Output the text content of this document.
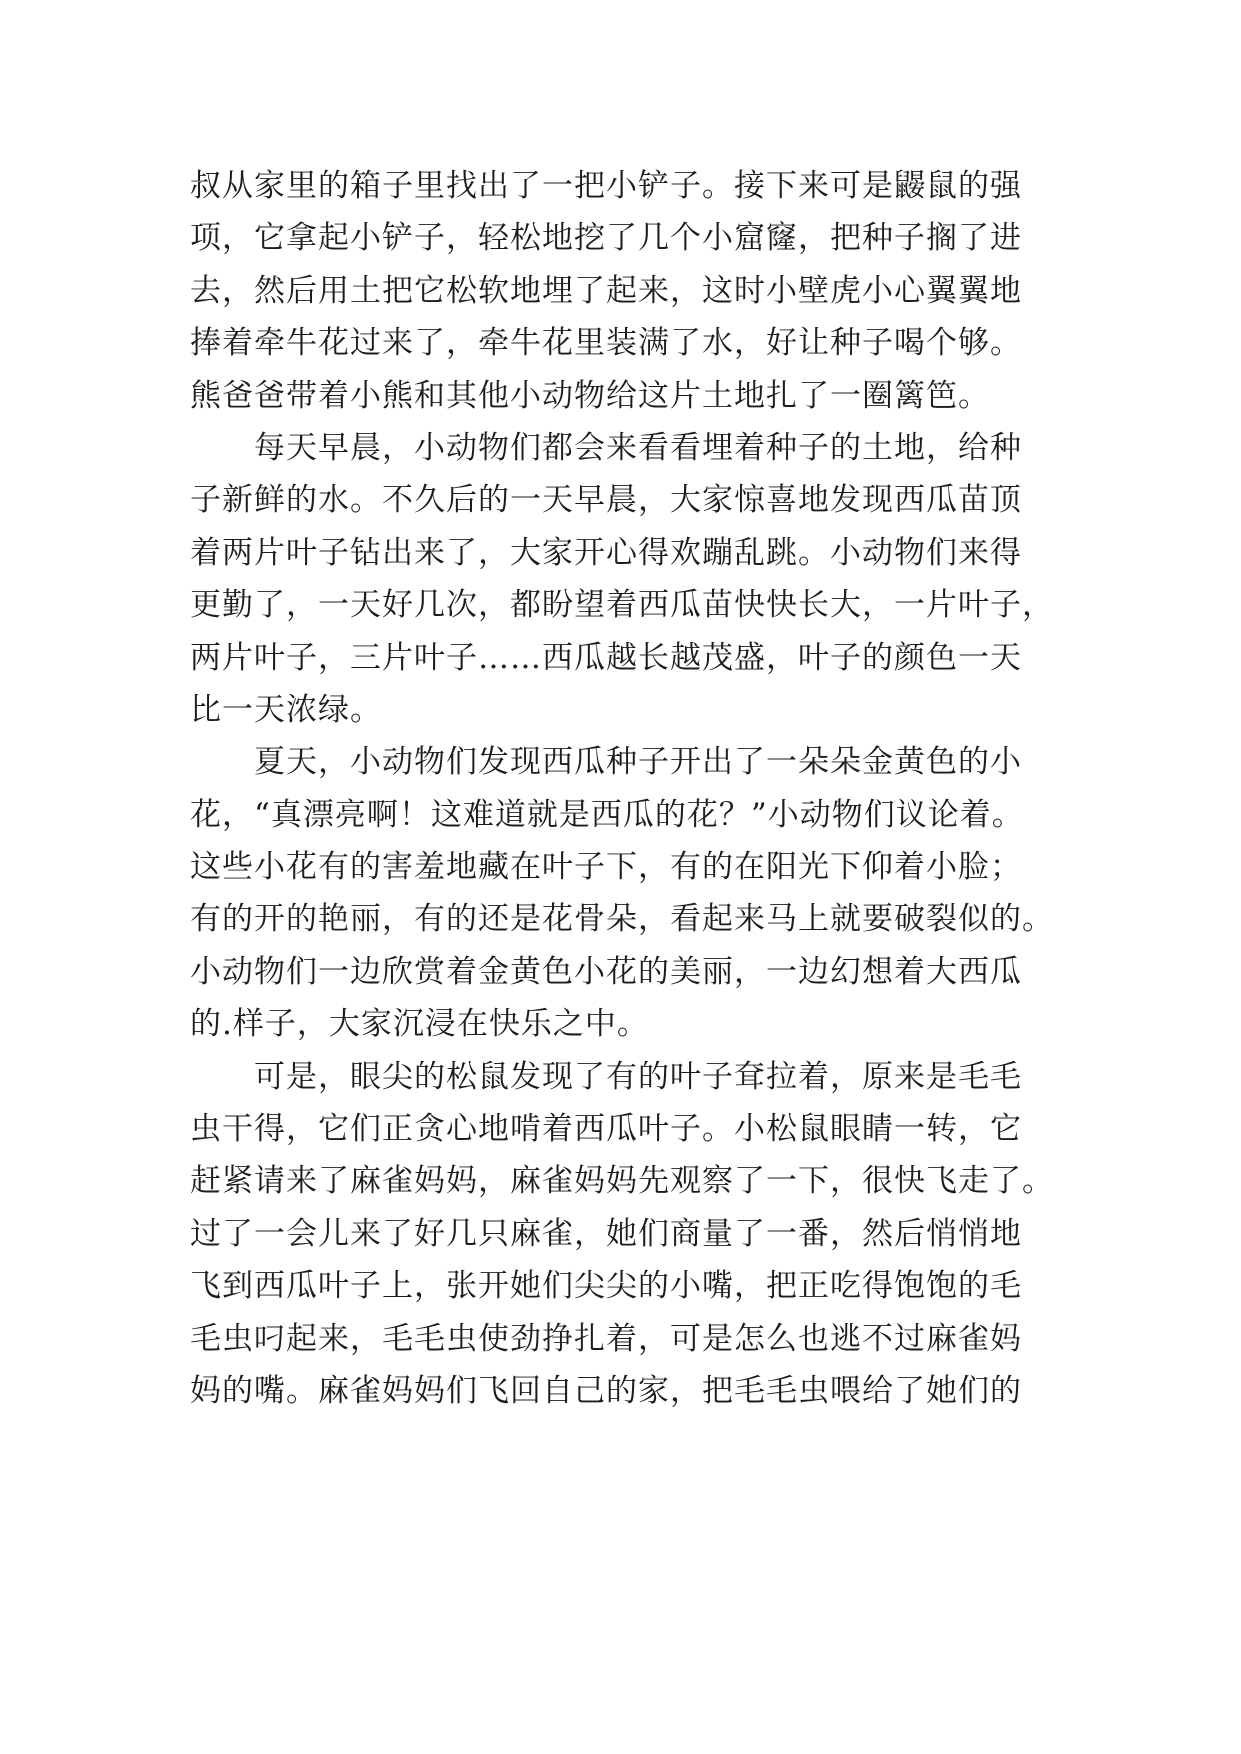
叔从家里的箱子里找出了一把小铲子。接下来可是鼹鼠的强
项，它拿起小铲子，轻松地挖了几个小窟窿，把种子搁了进
去，然后用土把它松软地埋了起来，这时小壁虎小心翼翼地
捧着牵牛花过来了，牵牛花里装满了水，好让种子喝个够。
熊爸爸带着小熊和其他小动物给这片土地扎了一圈篱笆。
每天早晨，小动物们都会来看看埋着种子的土地，给种
子新鲜的水。不久后的一天早晨，大家惊喜地发现西瓜苗顶
着两片叶子钻出来了，大家开心得欢蹦乱跳。小动物们来得
更勤了，一天好几次，都盼望着西瓜苗快快长大，一片叶子，
两片叶子，三片叶子……西瓜越长越茂盛，叶子的颜色一天
比一天浓绿。
夏天，小动物们发现西瓜种子开出了一朵朵金黄色的小
花，“真漂亮啊！这难道就是西瓜的花？”小动物们议论着。
这些小花有的害羞地藏在叶子下，有的在阳光下仰着小脸；
有的开的艳丽，有的还是花骨朵，看起来马上就要破裂似的。
小动物们一边欣赏着金黄色小花的美丽，一边幻想着大西瓜
的.样子，大家沉浸在快乐之中。
可是，眼尖的松鼠发现了有的叶子耷拉着，原来是毛毛
虫干得，它们正贪心地啃着西瓜叶子。小松鼠眼睛一转，它
赶紧请来了麻雀妈妈，麻雀妈妈先观察了一下，很快飞走了。
过了一会儿来了好几只麻雀，她们商量了一番，然后悄悄地
飞到西瓜叶子上，张开她们尖尖的小嘴，把正吃得饱饱的毛
毛虫叼起来，毛毛虫使劲挣扎着，可是怎么也逃不过麻雀妈
妈的嘴。麻雀妈妈们飞回自己的家，把毛毛虫喂给了她们的
